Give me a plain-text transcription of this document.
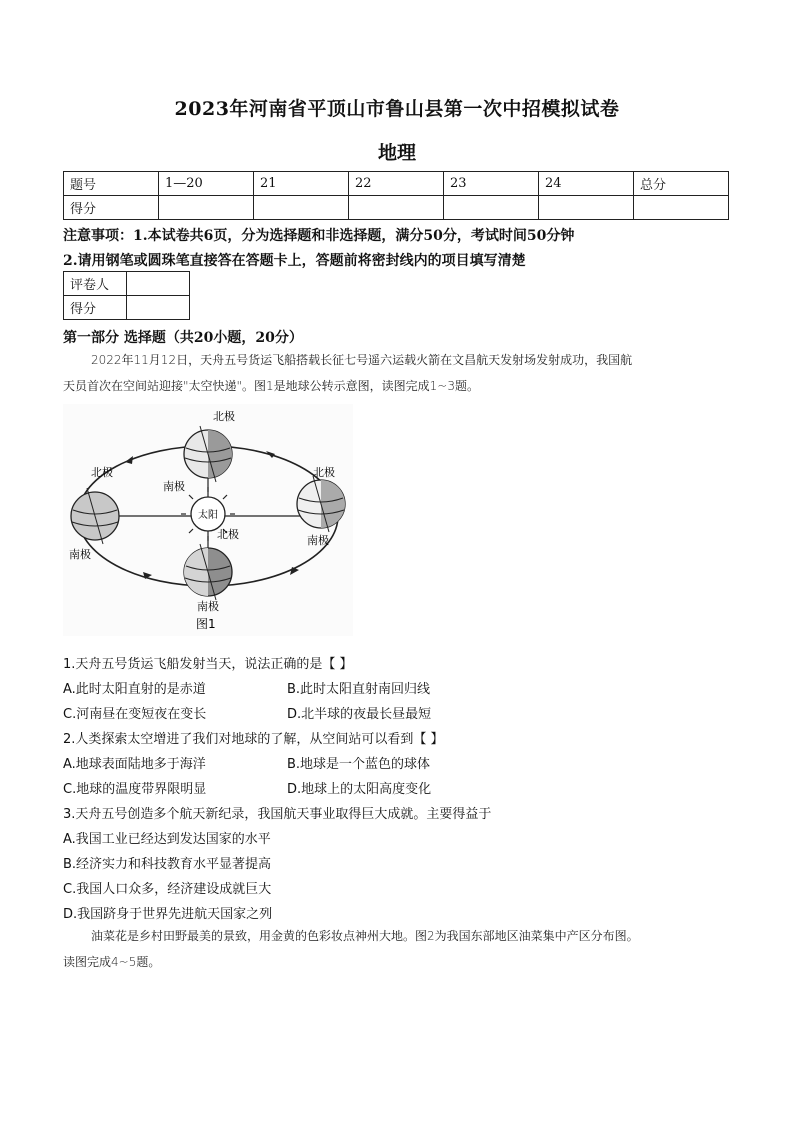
2023年河南省平顶山市鲁山县第一次中招模拟试卷
地理
题号	1—20	21	22	23	24	总分
得分						
注意事项：1.本试卷共6页，分为选择题和非选择题，满分50分，考试时间50分钟
2.请用钢笔或圆珠笔直接答在答题卡上，答题前将密封线内的项目填写清楚
评卷人	
得分	
第一部分 选择题（共20小题，20分）
2022年11月12日，天舟五号货运飞船搭载长征七号遥六运载火箭在文昌航天发射场发射成功，我国航
天员首次在空间站迎接"太空快递"。图1是地球公转示意图，读图完成1~3题。
太阳
北极
南极
北极
南极
北极
南极
北极
南极
图1
1.天舟五号货运飞船发射当天，说法正确的是【 】
A.此时太阳直射的是赤道	B.此时太阳直射南回归线
C.河南昼在变短夜在变长	D.北半球的夜最长昼最短
2.人类探索太空增进了我们对地球的了解，从空间站可以看到【 】
A.地球表面陆地多于海洋	B.地球是一个蓝色的球体
C.地球的温度带界限明显	D.地球上的太阳高度变化
3.天舟五号创造多个航天新纪录，我国航天事业取得巨大成就。主要得益于
A.我国工业已经达到发达国家的水平
B.经济实力和科技教育水平显著提高
C.我国人口众多，经济建设成就巨大
D.我国跻身于世界先进航天国家之列
油菜花是乡村田野最美的景致，用金黄的色彩妆点神州大地。图2为我国东部地区油菜集中产区分布图。
读图完成4~5题。
